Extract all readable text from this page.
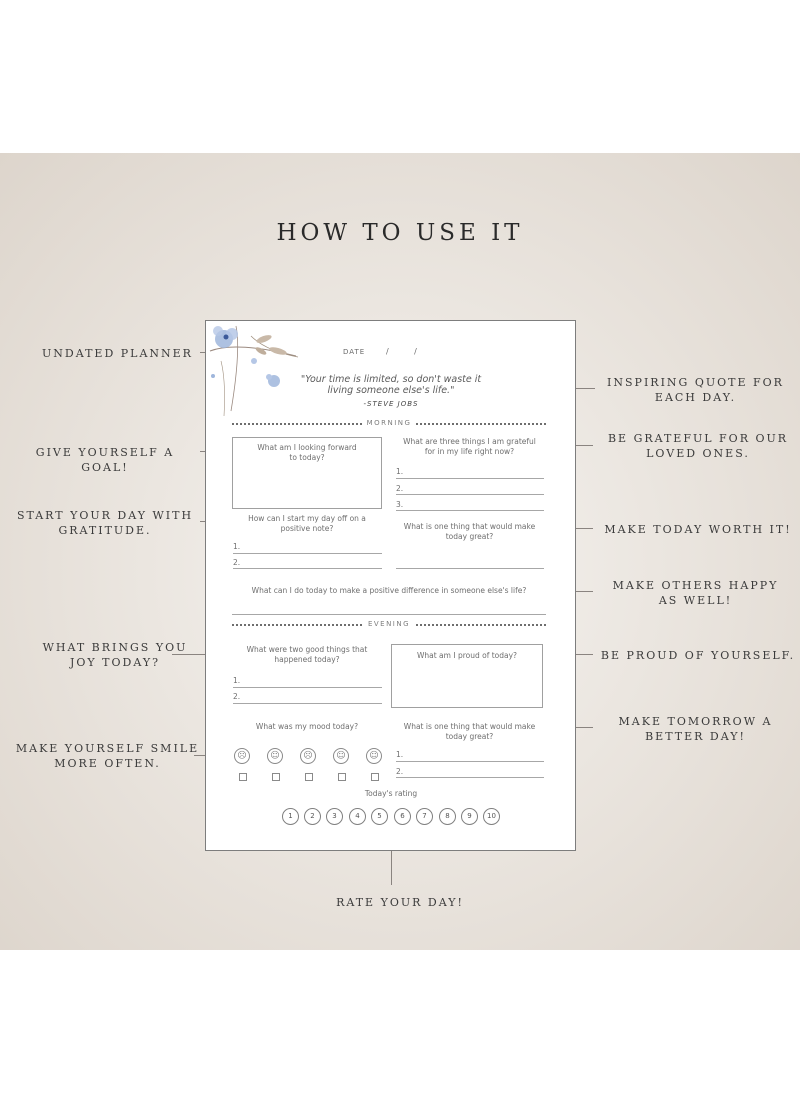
HOW TO USE IT
UNDATED PLANNER
GIVE YOURSELF A GOAL!
START YOUR DAY WITH
GRATITUDE.
WHAT BRINGS YOU
JOY TODAY?
MAKE YOURSELF SMILE
MORE OFTEN.
INSPIRING QUOTE FOR
EACH DAY.
BE GRATEFUL FOR OUR
LOVED ONES.
MAKE TODAY WORTH IT!
MAKE OTHERS HAPPY
AS WELL!
BE PROUD OF YOURSELF.
MAKE TOMORROW A
BETTER DAY!
RATE YOUR DAY!
DATE	/          /
"Your time is limited, so don't waste it
living someone else's life."
-STEVE JOBS
MORNING
What am I looking forward
to today?
What are three things I am grateful
for in my life right now?
1.
2.
3.
How can I start my day off on a
positive note?
1.
2.
What is one thing that would make
today great?
What can I do today to make a positive difference in someone else's life?
EVENING
What were two good things that
happened today?
1.
2.
What am I proud of today?
What was my mood today?
☹	☺	☹	☺	☺
What is one thing that would make
today great?
1.
2.
Today's rating
1	2	3	4	5	6	7	8	9	10
